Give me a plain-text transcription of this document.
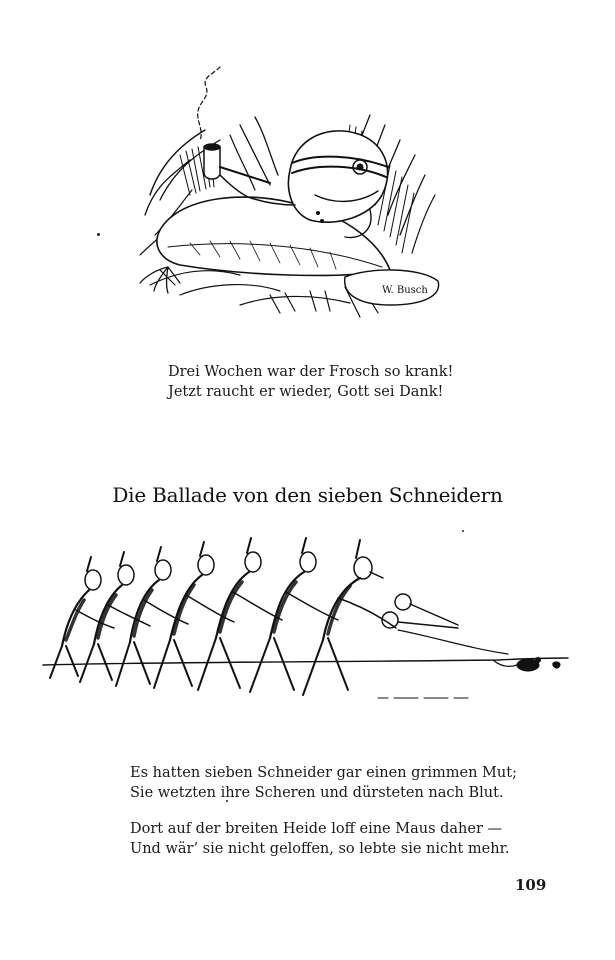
W. Busch
Drei Wochen war der Frosch so krank!
Jetzt raucht er wieder, Gott sei Dank!
Die Ballade von den sieben Schneidern
Es hatten sieben Schneider gar einen grimmen Mut;
Sie wetzten ihre Scheren und dürsteten nach Blut.
Dort auf der breiten Heide loff eine Maus daher —
Und wär’ sie nicht geloffen, so lebte sie nicht mehr.
109
